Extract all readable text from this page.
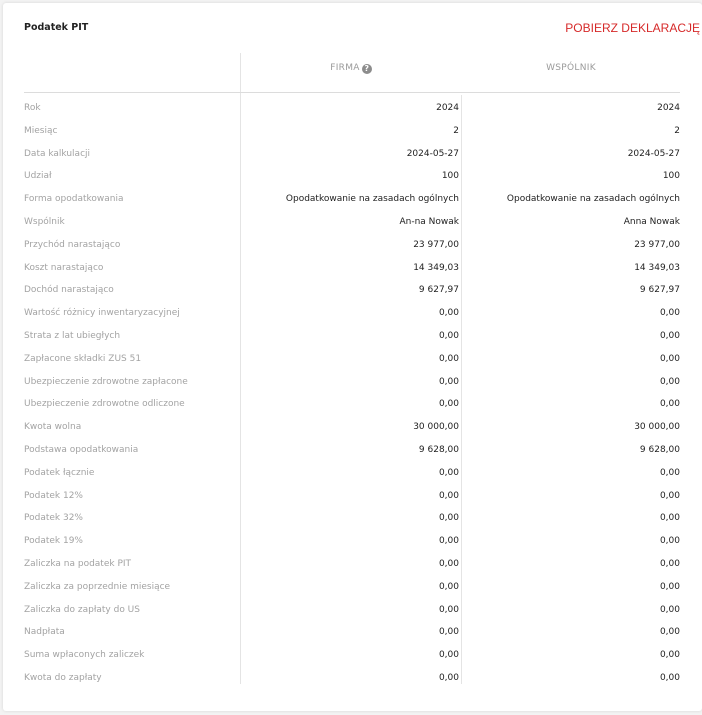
Podatek PIT	POBIERZ DEKLARACJĘ
FIRMA ?	WSPÓLNIK
Rok	2024	2024
Miesiąc	2	2
Data kalkulacji	2024-05-27	2024-05-27
Udział	100	100
Forma opodatkowania	Opodatkowanie na zasadach ogólnych	Opodatkowanie na zasadach ogólnych
Wspólnik	An-na Nowak	Anna Nowak
Przychód narastająco	23 977,00	23 977,00
Koszt narastająco	14 349,03	14 349,03
Dochód narastająco	9 627,97	9 627,97
Wartość różnicy inwentaryzacyjnej	0,00	0,00
Strata z lat ubiegłych	0,00	0,00
Zapłacone składki ZUS 51	0,00	0,00
Ubezpieczenie zdrowotne zapłacone	0,00	0,00
Ubezpieczenie zdrowotne odliczone	0,00	0,00
Kwota wolna	30 000,00	30 000,00
Podstawa opodatkowania	9 628,00	9 628,00
Podatek łącznie	0,00	0,00
Podatek 12%	0,00	0,00
Podatek 32%	0,00	0,00
Podatek 19%	0,00	0,00
Zaliczka na podatek PIT	0,00	0,00
Zaliczka za poprzednie miesiące	0,00	0,00
Zaliczka do zapłaty do US	0,00	0,00
Nadpłata	0,00	0,00
Suma wpłaconych zaliczek	0,00	0,00
Kwota do zapłaty	0,00	0,00
